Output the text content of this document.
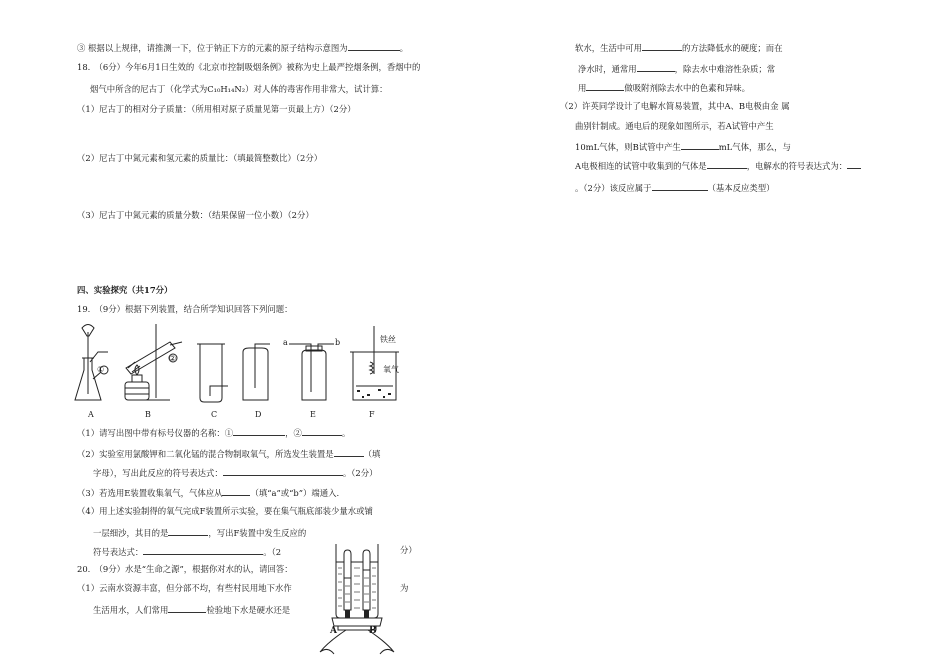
③ 根据以上规律，请推测一下，位于钠正下方的元素的原子结构示意图为	。
18.　（6分）今年6月1日生效的《北京市控制吸烟条例》被称为史上最严控烟条例，香烟中的
烟气中所含的尼古丁（化学式为C₁₀H₁₄N₂）对人体的毒害作用非常大，试计算：
（1）尼古丁的相对分子质量：（所用相对原子质量见第一页最上方）（2分）
（2）尼古丁中氮元素和氢元素的质量比：（填最简整数比）（2分）
（3）尼古丁中氮元素的质量分数：（结果保留一位小数）（2分）
四、实验探究（共17分）
19.　（9分）根据下列装置，结合所学知识回答下列问题：
①
②
a	b	铁丝
氧气
A	B	C	D	E	F
（1）请写出图中带有标号仪器的名称：①	，②	。
（2）实验室用氯酸钾和二氧化锰的混合物制取氧气，所选发生装置是	（填
字母），写出此反应的符号表达式：	。（2分）
（3）若选用E装置收集氧气，气体应从	（填“a”或“b”）端通入.
（4）用上述实验制得的氧气完成F装置所示实验，要在集气瓶底部装少量水或铺
一层细沙，其目的是	，写出F装置中发生反应的
符号表达式：	。（2	分）
20.　（9分）水是“生命之源”，根据你对水的认，请回答：
（1）云南水资源丰富，但分部不均，有些村民用地下水作	为
生活用水，人们常用	检验地下水是硬水还是
A	B
软水，生活中可用	的方法降低水的硬度；而在
净水时，通常用	，除去水中难溶性杂质；常
用	做吸附剂除去水中的色素和异味。
（2）许英同学设计了电解水简易装置，其中A、B电极由金 属
曲别针制成。通电后的现象如图所示，若A试管中产生
10mL气体，则B试管中产生	mL气体，那么，与
A电极相连的试管中收集到的气体是	，电解水的符号表达式为：
。（2分）该反应属于	（基本反应类型）
